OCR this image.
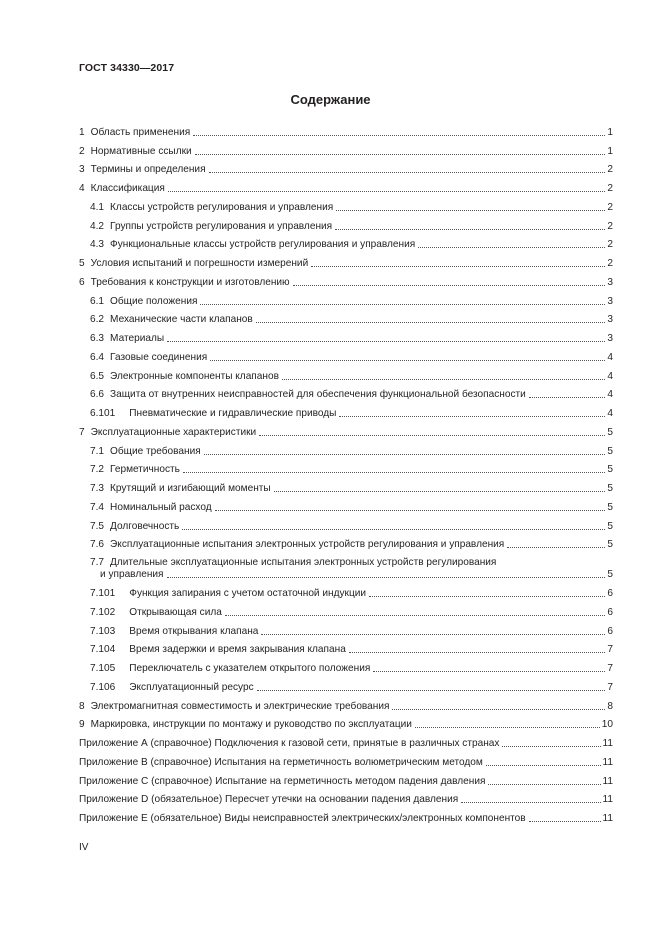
ГОСТ 34330—2017
Содержание
1 Область применения	1
2 Нормативные ссылки	1
3 Термины и определения	2
4 Классификация	2
4.1 Классы устройств регулирования и управления	2
4.2 Группы устройств регулирования и управления	2
4.3 Функциональные классы устройств регулирования и управления	2
5 Условия испытаний и погрешности измерений	2
6 Требования к конструкции и изготовлению	3
6.1 Общие положения	3
6.2 Механические части клапанов	3
6.3 Материалы	3
6.4 Газовые соединения	4
6.5 Электронные компоненты клапанов	4
6.6 Защита от внутренних неисправностей для обеспечения функциональной безопасности	4
6.101 Пневматические и гидравлические приводы	4
7 Эксплуатационные характеристики	5
7.1 Общие требования	5
7.2 Герметичность	5
7.3 Крутящий и изгибающий моменты	5
7.4 Номинальный расход	5
7.5 Долговечность	5
7.6 Эксплуатационные испытания электронных устройств регулирования и управления	5
7.7 Длительные эксплуатационные испытания электронных устройств регулирования
и управления	5
7.101 Функция запирания с учетом остаточной индукции	6
7.102 Открывающая сила	6
7.103 Время открывания клапана	6
7.104 Время задержки и время закрывания клапана	7
7.105 Переключатель с указателем открытого положения	7
7.106 Эксплуатационный ресурс	7
8 Электромагнитная совместимость и электрические требования	8
9 Маркировка, инструкции по монтажу и руководство по эксплуатации	10
Приложение А (справочное) Подключения к газовой сети, принятые в различных странах	11
Приложение В (справочное) Испытания на герметичность волюметрическим методом	11
Приложение С (справочное) Испытание на герметичность методом падения давления	11
Приложение D (обязательное) Пересчет утечки на основании падения давления	11
Приложение E (обязательное) Виды неисправностей электрических/электронных компонентов	11
IV
